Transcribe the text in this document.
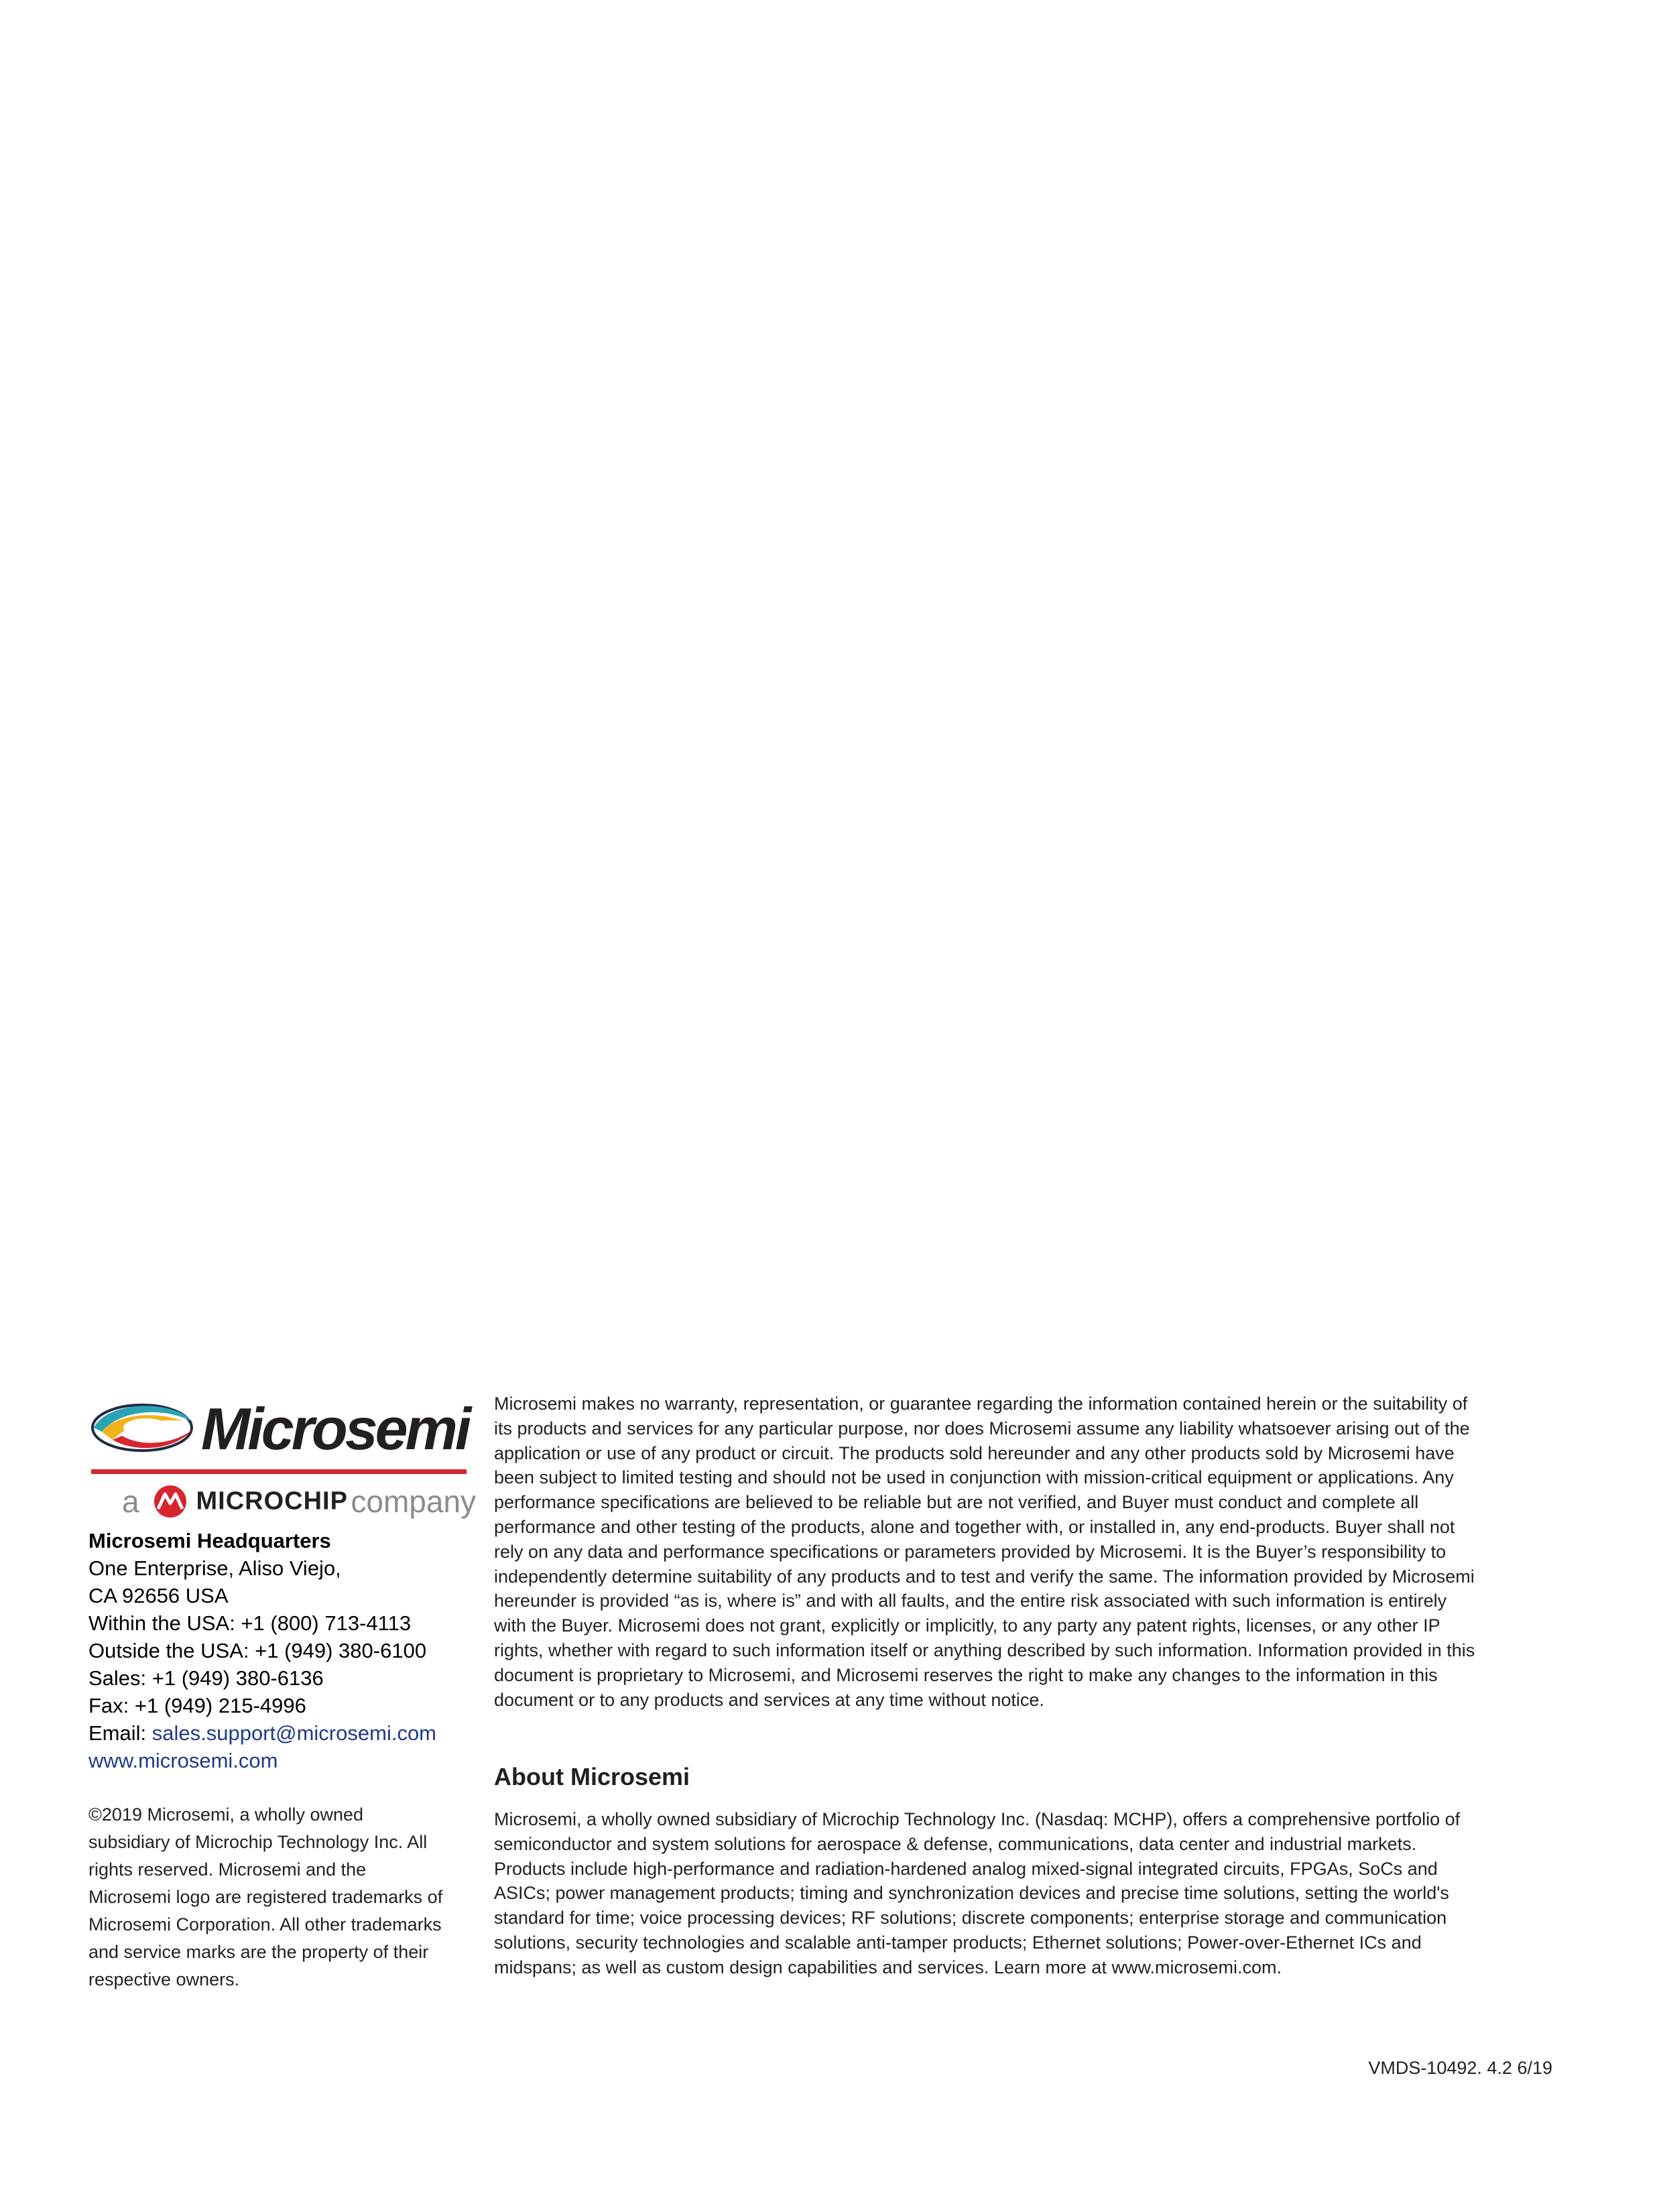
Microsemi
a MICROCHIP company
Microsemi Headquarters
One Enterprise, Aliso Viejo,
CA 92656 USA
Within the USA: +1 (800) 713-4113
Outside the USA: +1 (949) 380-6100
Sales: +1 (949) 380-6136
Fax: +1 (949) 215-4996
Email: sales.support@microsemi.com
www.microsemi.com
©2019 Microsemi, a wholly owned
subsidiary of Microchip Technology Inc. All
rights reserved. Microsemi and the
Microsemi logo are registered trademarks of
Microsemi Corporation. All other trademarks
and service marks are the property of their
respective owners.
Microsemi makes no warranty, representation, or guarantee regarding the information contained herein or the suitability of
its products and services for any particular purpose, nor does Microsemi assume any liability whatsoever arising out of the
application or use of any product or circuit. The products sold hereunder and any other products sold by Microsemi have
been subject to limited testing and should not be used in conjunction with mission-critical equipment or applications. Any
performance specifications are believed to be reliable but are not verified, and Buyer must conduct and complete all
performance and other testing of the products, alone and together with, or installed in, any end-products. Buyer shall not
rely on any data and performance specifications or parameters provided by Microsemi. It is the Buyer’s responsibility to
independently determine suitability of any products and to test and verify the same. The information provided by Microsemi
hereunder is provided “as is, where is” and with all faults, and the entire risk associated with such information is entirely
with the Buyer. Microsemi does not grant, explicitly or implicitly, to any party any patent rights, licenses, or any other IP
rights, whether with regard to such information itself or anything described by such information. Information provided in this
document is proprietary to Microsemi, and Microsemi reserves the right to make any changes to the information in this
document or to any products and services at any time without notice.
About Microsemi
Microsemi, a wholly owned subsidiary of Microchip Technology Inc. (Nasdaq: MCHP), offers a comprehensive portfolio of
semiconductor and system solutions for aerospace & defense, communications, data center and industrial markets.
Products include high-performance and radiation-hardened analog mixed-signal integrated circuits, FPGAs, SoCs and
ASICs; power management products; timing and synchronization devices and precise time solutions, setting the world's
standard for time; voice processing devices; RF solutions; discrete components; enterprise storage and communication
solutions, security technologies and scalable anti-tamper products; Ethernet solutions; Power-over-Ethernet ICs and
midspans; as well as custom design capabilities and services. Learn more at www.microsemi.com.
VMDS-10492. 4.2 6/19
